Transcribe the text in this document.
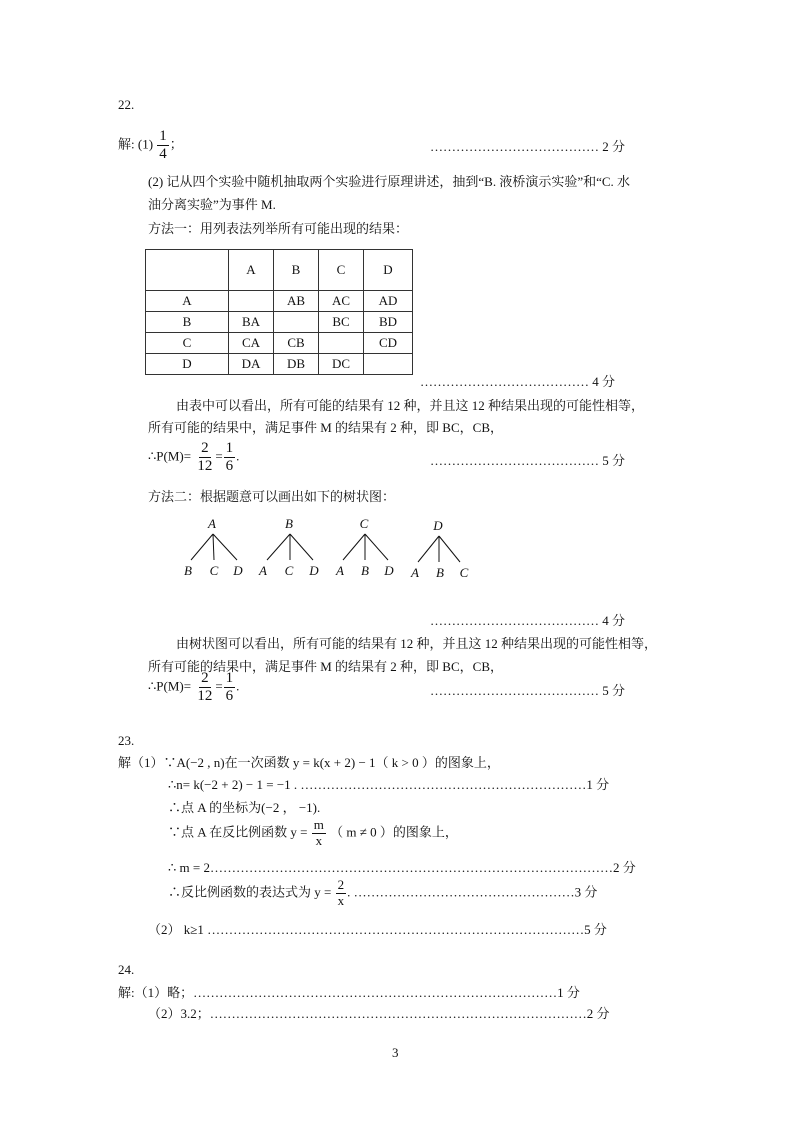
22.
解: $(1) \frac{1}{4}$ ；	………………………………… 2 分
(2) 记从四个实验中随机抽取两个实验进行原理讲述，抽到“B. 液桥演示实验”和“C. 水
油分离实验”为事件 M.
方法一：用列表法列举所有可能出现的结果：
	A	B	C	D
A		AB	AC	AD
B	BA		BC	BD
C	CA	CB		CD
D	DA	DB	DC	
………………………………… 4 分
由表中可以看出，所有可能的结果有 12 种，并且这 12 种结果出现的可能性相等，
所有可能的结果中，满足事件 M 的结果有 2 种，即 BC，CB，
∴P(M)= $\frac{2}{12} = \frac{1}{6}$ .	………………………………… 5 分
方法二：根据题意可以画出如下的树状图：
A
B C D
B
A C D
C
A B D
D
A B C
………………………………… 4 分
由树状图可以看出，所有可能的结果有 12 种，并且这 12 种结果出现的可能性相等，
所有可能的结果中，满足事件 M 的结果有 2 种，即 BC，CB，
∴P(M)= $\frac{2}{12} = \frac{1}{6}$ .	………………………………… 5 分
23.
解（1）∵A(−2 , n)在一次函数 y = k(x + 2) − 1（ k > 0 ）的图象上，
∴n= k(−2 + 2) − 1 = −1 . …………………………………………………………1 分
∴点 A 的坐标为(−2 ， −1).
∵点 A 在反比例函数 $y = \frac{m}{x}$ （ m ≠ 0 ）的图象上，
∴ m = 2…………………………………………………………………………………2 分
∴反比例函数的表达式为 $y = \frac{2}{x}$ . ……………………………………………3 分
（2） k≥1 ……………………………………………………………………………5 分
24.
解:（1）略；…………………………………………………………………………1 分
（2）3.2；……………………………………………………………………………2 分
3
